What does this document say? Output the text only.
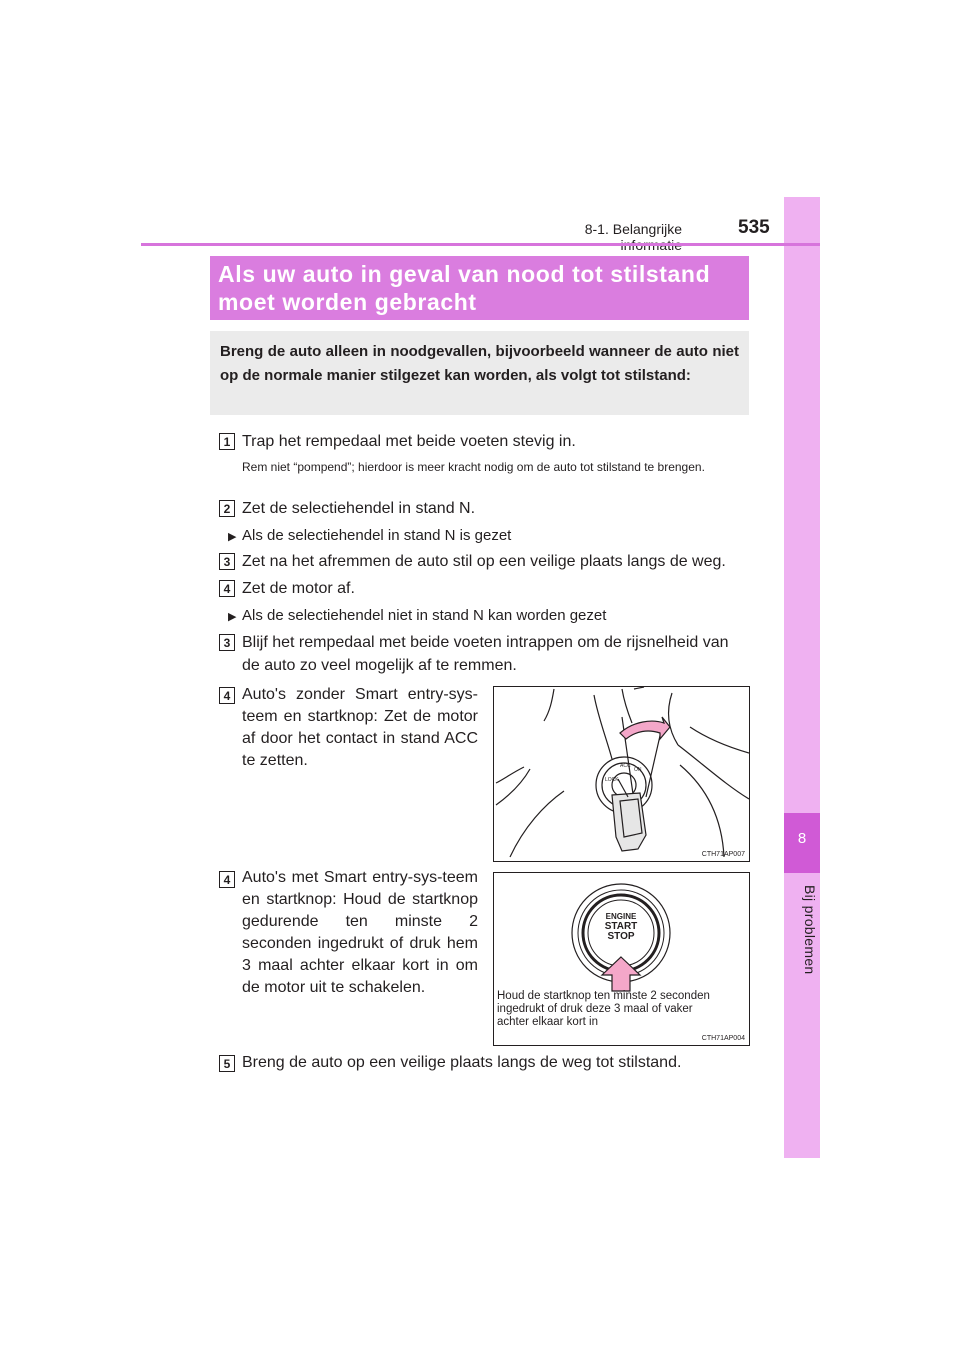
8
Bij problemen
8-1. Belangrijke	535
Als uw auto in geval van nood tot stilstand
moet worden gebracht

Breng de auto alleen in noodgevallen, bijvoorbeeld wanneer de auto niet op de normale manier stilgezet kan worden, als volgt tot stilstand:

1 Trap het rempedaal met beide voeten stevig in.
Rem niet “pompend”; hierdoor is meer kracht nodig om de auto tot stilstand te brengen.
2 Zet de selectiehendel in stand N.
▶ Als de selectiehendel in stand N is gezet
3 Zet na het afremmen de auto stil op een veilige plaats langs de weg.
4 Zet de motor af.
▶ Als de selectiehendel niet in stand N kan worden gezet
3 Blijf het rempedaal met beide voeten intrappen om de rijsnelheid van de auto zo veel mogelijk af te remmen.
4 Auto's zonder Smart entry-sys-teem en startknop: Zet de motor af door het contact in stand ACC te zetten.
LOCK
ACC
ON
CTH71AP007
4 Auto's met Smart entry-sys-teem en startknop: Houd de startknop gedurende ten minste 2 seconden ingedrukt of druk hem 3 maal achter elkaar kort in om de motor uit te schakelen.
ENGINE
START
STOP
Houd de startknop ten minste 2 seconden ingedrukt of druk deze 3 maal of vaker achter elkaar kort in
CTH71AP004
5 Breng de auto op een veilige plaats langs de weg tot stilstand.
